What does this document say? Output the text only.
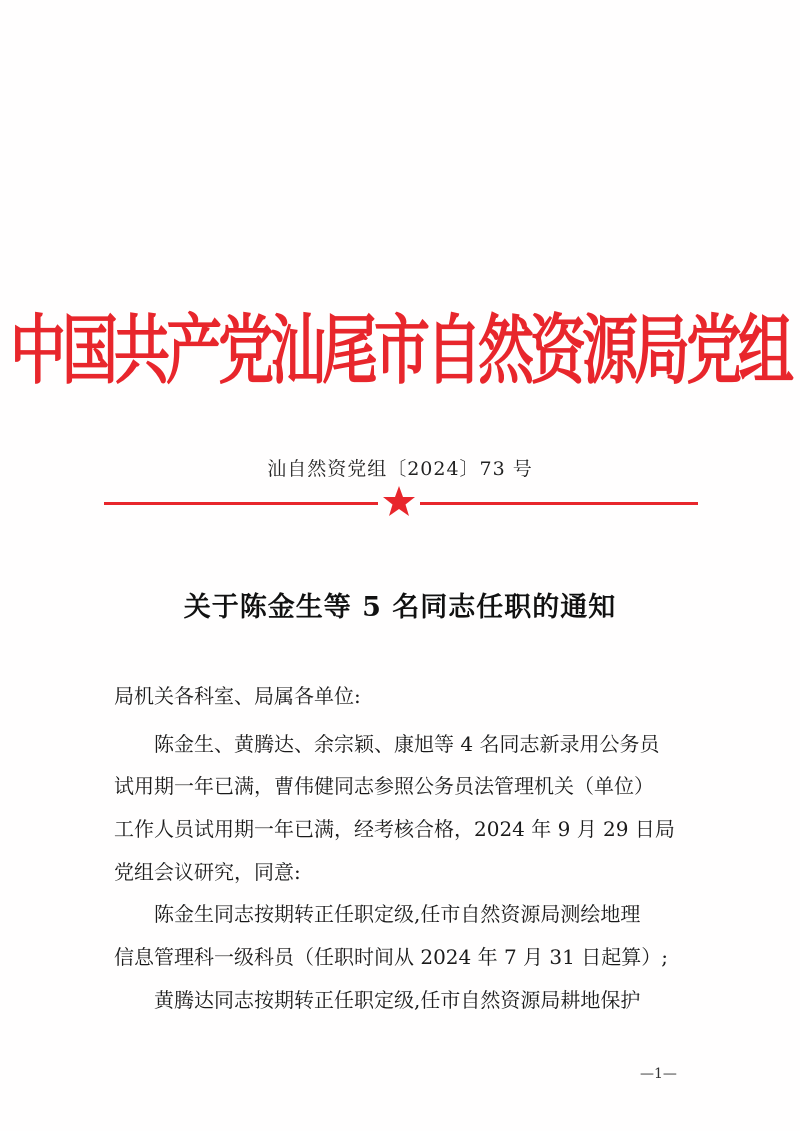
中国共产党汕尾市自然资源局党组
汕自然资党组〔2024〕73 号
关于陈金生等 5 名同志任职的通知
局机关各科室、局属各单位:
　　陈金生、黄腾达、余宗颖、康旭等 4 名同志新录用公务员
试用期一年已满，曹伟健同志参照公务员法管理机关（单位）
工作人员试用期一年已满，经考核合格，2024 年 9 月 29 日局
党组会议研究，同意:
　　陈金生同志按期转正任职定级,任市自然资源局测绘地理
信息管理科一级科员（任职时间从 2024 年 7 月 31 日起算）;
　　黄腾达同志按期转正任职定级,任市自然资源局耕地保护
—1—
